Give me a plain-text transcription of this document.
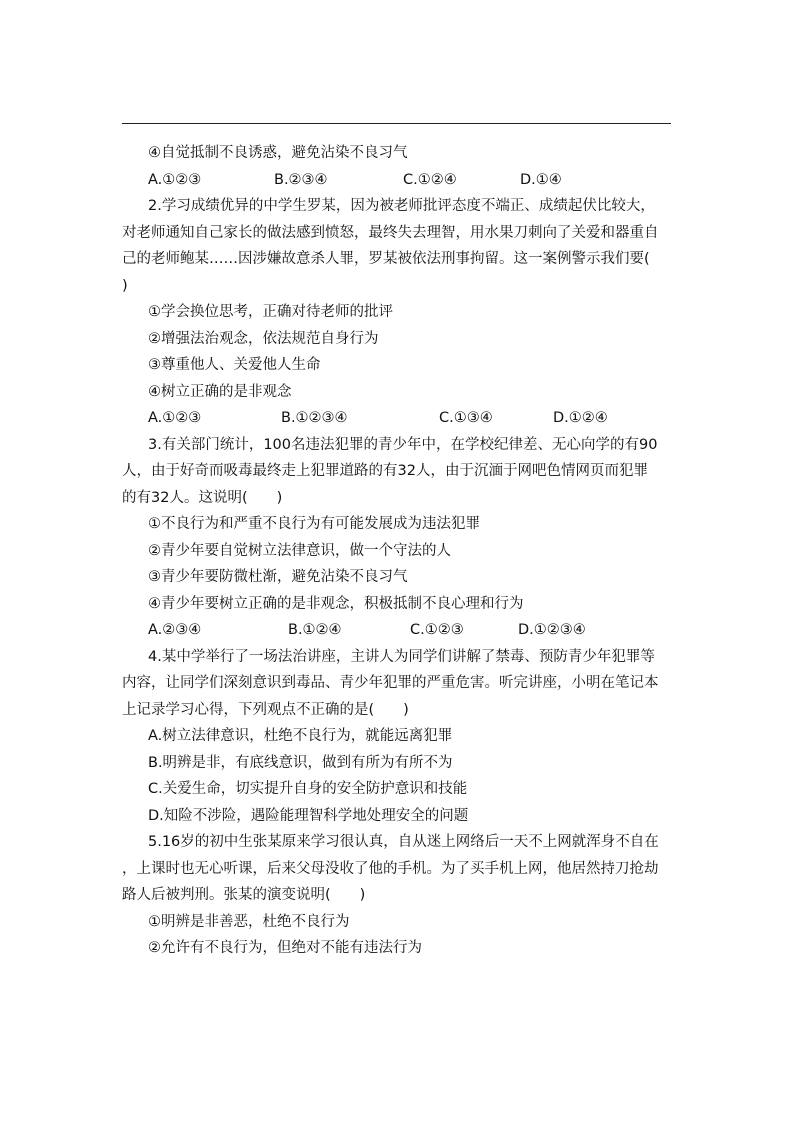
④自觉抵制不良诱惑，避免沾染不良习气
A.①②③	B.②③④	C.①②④	D.①④
2.学习成绩优异的中学生罗某，因为被老师批评态度不端正、成绩起伏比较大，
对老师通知自己家长的做法感到愤怒，最终失去理智，用水果刀刺向了关爱和器重自
己的老师鲍某……因涉嫌故意杀人罪，罗某被依法刑事拘留。这一案例警示我们要(
)
①学会换位思考，正确对待老师的批评
②增强法治观念，依法规范自身行为
③尊重他人、关爱他人生命
④树立正确的是非观念
A.①②③	B.①②③④	C.①③④	D.①②④
3.有关部门统计，100名违法犯罪的青少年中，在学校纪律差、无心向学的有90
人，由于好奇而吸毒最终走上犯罪道路的有32人，由于沉湎于网吧色情网页而犯罪
的有32人。这说明(　　)
①不良行为和严重不良行为有可能发展成为违法犯罪
②青少年要自觉树立法律意识，做一个守法的人
③青少年要防微杜渐，避免沾染不良习气
④青少年要树立正确的是非观念，积极抵制不良心理和行为
A.②③④	B.①②④	C.①②③	D.①②③④
4.某中学举行了一场法治讲座，主讲人为同学们讲解了禁毒、预防青少年犯罪等
内容，让同学们深刻意识到毒品、青少年犯罪的严重危害。听完讲座，小明在笔记本
上记录学习心得，下列观点不正确的是(　　)
A.树立法律意识，杜绝不良行为，就能远离犯罪
B.明辨是非，有底线意识，做到有所为有所不为
C.关爱生命，切实提升自身的安全防护意识和技能
D.知险不涉险，遇险能理智科学地处理安全的问题
5.16岁的初中生张某原来学习很认真，自从迷上网络后一天不上网就浑身不自在
，上课时也无心听课，后来父母没收了他的手机。为了买手机上网，他居然持刀抢劫
路人后被判刑。张某的演变说明(　　)
①明辨是非善恶，杜绝不良行为
②允许有不良行为，但绝对不能有违法行为
